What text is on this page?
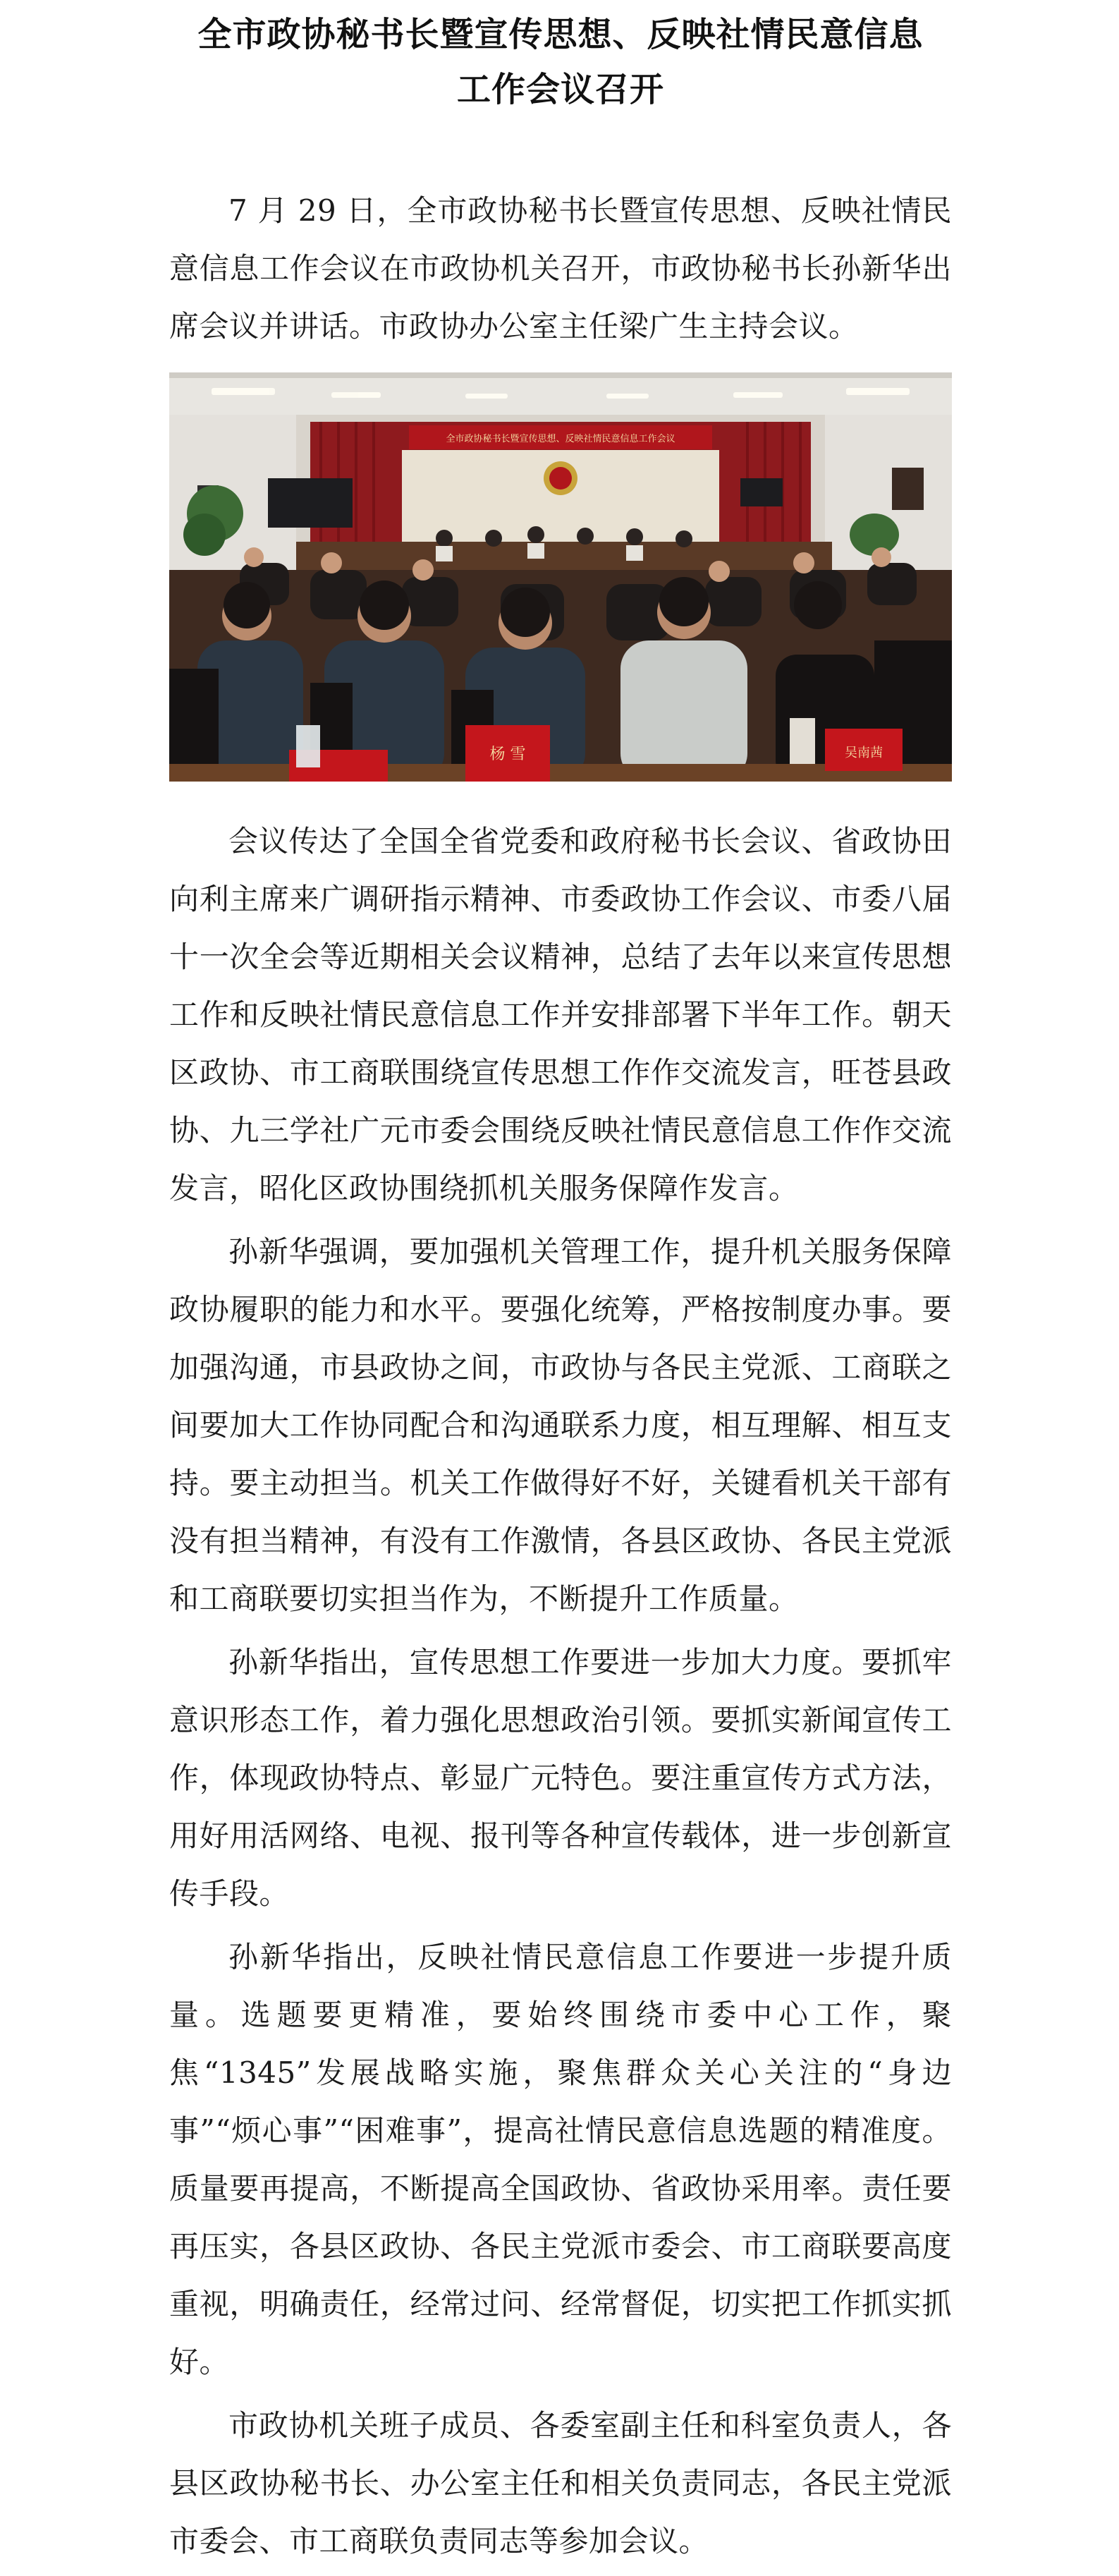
全市政协秘书长暨宣传思想、反映社情民意信息
工作会议召开

7 月 29 日，全市政协秘书长暨宣传思想、反映社情民意信息工作会议在市政协机关召开，市政协秘书长孙新华出席会议并讲话。市政协办公室主任梁广生主持会议。

全市政协秘书长暨宣传思想、反映社情民意信息工作会议
杨 雪	吴南茜

会议传达了全国全省党委和政府秘书长会议、省政协田向利主席来广调研指示精神、市委政协工作会议、市委八届十一次全会等近期相关会议精神，总结了去年以来宣传思想工作和反映社情民意信息工作并安排部署下半年工作。朝天区政协、市工商联围绕宣传思想工作作交流发言，旺苍县政协、九三学社广元市委会围绕反映社情民意信息工作作交流发言，昭化区政协围绕抓机关服务保障作发言。

孙新华强调，要加强机关管理工作，提升机关服务保障政协履职的能力和水平。要强化统筹，严格按制度办事。要加强沟通，市县政协之间，市政协与各民主党派、工商联之间要加大工作协同配合和沟通联系力度，相互理解、相互支持。要主动担当。机关工作做得好不好，关键看机关干部有没有担当精神，有没有工作激情，各县区政协、各民主党派和工商联要切实担当作为，不断提升工作质量。

孙新华指出，宣传思想工作要进一步加大力度。要抓牢意识形态工作，着力强化思想政治引领。要抓实新闻宣传工作，体现政协特点、彰显广元特色。要注重宣传方式方法，用好用活网络、电视、报刊等各种宣传载体，进一步创新宣传手段。

孙新华指出，反映社情民意信息工作要进一步提升质量。选题要更精准，要始终围绕市委中心工作，聚焦“1345”发展战略实施，聚焦群众关心关注的“身边事”“烦心事”“困难事”，提高社情民意信息选题的精准度。质量要再提高，不断提高全国政协、省政协采用率。责任要再压实，各县区政协、各民主党派市委会、市工商联要高度重视，明确责任，经常过问、经常督促，切实把工作抓实抓好。

市政协机关班子成员、各委室副主任和科室负责人，各县区政协秘书长、办公室主任和相关负责同志，各民主党派市委会、市工商联负责同志等参加会议。
